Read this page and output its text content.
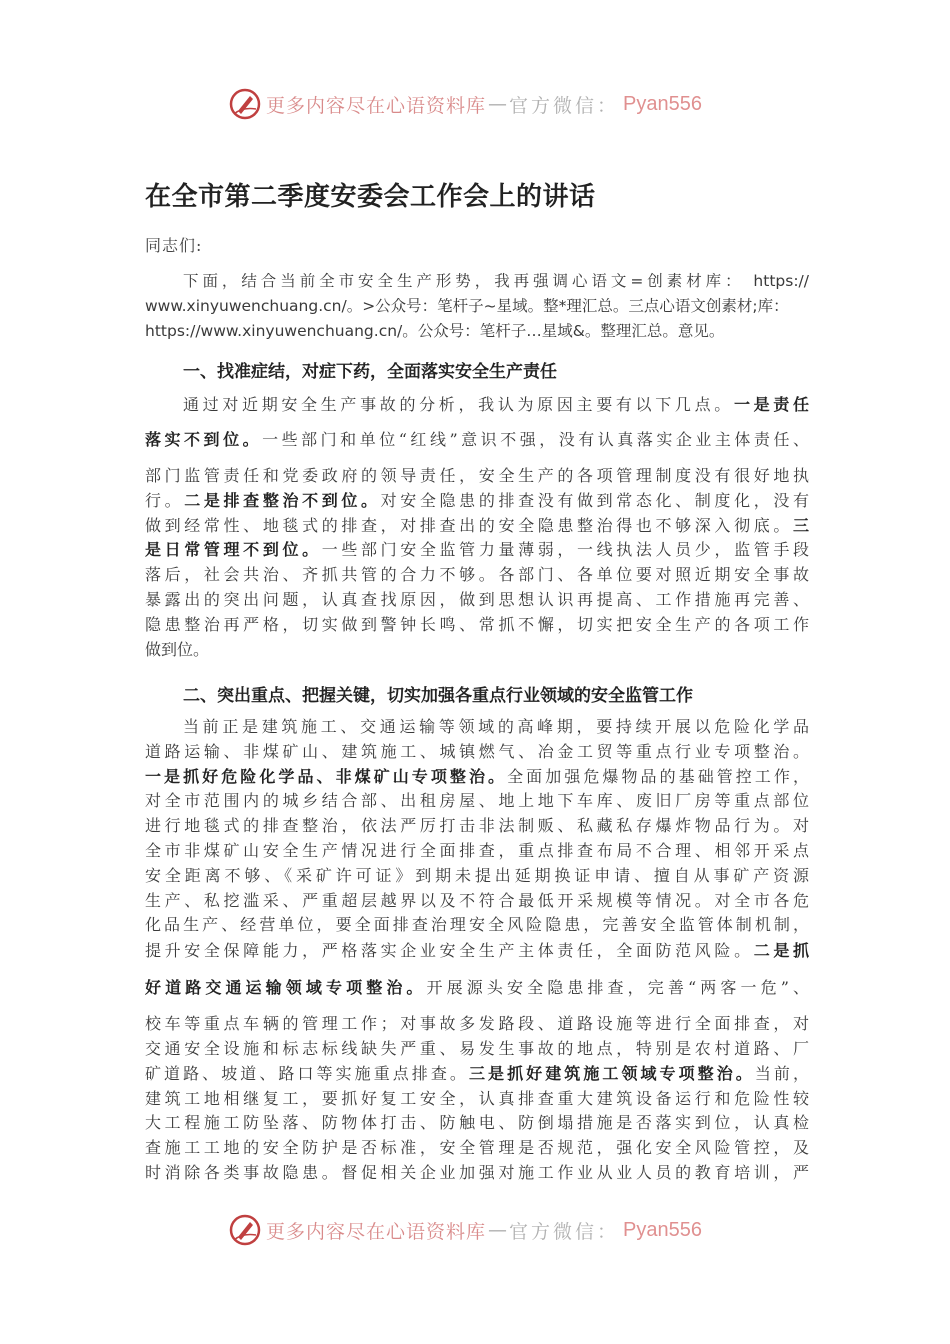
更多内容尽在心语资料库 — 官方微信： Pyan556
在全市第二季度安委会工作会上的讲话
同志们:
下面，结合当前全市安全生产形势，我再强调心语文=创素材库： https://
www.xinyuwenchuang.cn/。>公众号：笔杆子~星域。整*理汇总。三点心语文创素材;库：
https://www.xinyuwenchuang.cn/。公众号：笔杆子…星域&。整理汇总。意见。
一、找准症结，对症下药，全面落实安全生产责任
通过对近期安全生产事故的分析，我认为原因主要有以下几点。一是责任
落实不到位。一些部门和单位“红线”意识不强，没有认真落实企业主体责任、
部门监管责任和党委政府的领导责任，安全生产的各项管理制度没有很好地执
行。二是排查整治不到位。对安全隐患的排查没有做到常态化、制度化，没有
做到经常性、地毯式的排查，对排查出的安全隐患整治得也不够深入彻底。三
是日常管理不到位。一些部门安全监管力量薄弱，一线执法人员少，监管手段
落后，社会共治、齐抓共管的合力不够。各部门、各单位要对照近期安全事故
暴露出的突出问题，认真查找原因，做到思想认识再提高、工作措施再完善、
隐患整治再严格，切实做到警钟长鸣、常抓不懈，切实把安全生产的各项工作
做到位。
二、突出重点、把握关键，切实加强各重点行业领域的安全监管工作
当前正是建筑施工、交通运输等领域的高峰期，要持续开展以危险化学品
道路运输、非煤矿山、建筑施工、城镇燃气、冶金工贸等重点行业专项整治。
一是抓好危险化学品、非煤矿山专项整治。全面加强危爆物品的基础管控工作，
对全市范围内的城乡结合部、出租房屋、地上地下车库、废旧厂房等重点部位
进行地毯式的排查整治，依法严厉打击非法制贩、私藏私存爆炸物品行为。对
全市非煤矿山安全生产情况进行全面排查，重点排查布局不合理、相邻开采点
安全距离不够、《采矿许可证》到期未提出延期换证申请、擅自从事矿产资源
生产、私挖滥采、严重超层越界以及不符合最低开采规模等情况。对全市各危
化品生产、经营单位，要全面排查治理安全风险隐患，完善安全监管体制机制，
提升安全保障能力，严格落实企业安全生产主体责任，全面防范风险。二是抓
好道路交通运输领域专项整治。开展源头安全隐患排查，完善“两客一危”、
校车等重点车辆的管理工作；对事故多发路段、道路设施等进行全面排查，对
交通安全设施和标志标线缺失严重、易发生事故的地点，特别是农村道路、厂
矿道路、坡道、路口等实施重点排查。三是抓好建筑施工领域专项整治。当前，
建筑工地相继复工，要抓好复工安全，认真排查重大建筑设备运行和危险性较
大工程施工防坠落、防物体打击、防触电、防倒塌措施是否落实到位，认真检
查施工工地的安全防护是否标准，安全管理是否规范，强化安全风险管控，及
时消除各类事故隐患。督促相关企业加强对施工作业从业人员的教育培训，严
更多内容尽在心语资料库 — 官方微信： Pyan556
